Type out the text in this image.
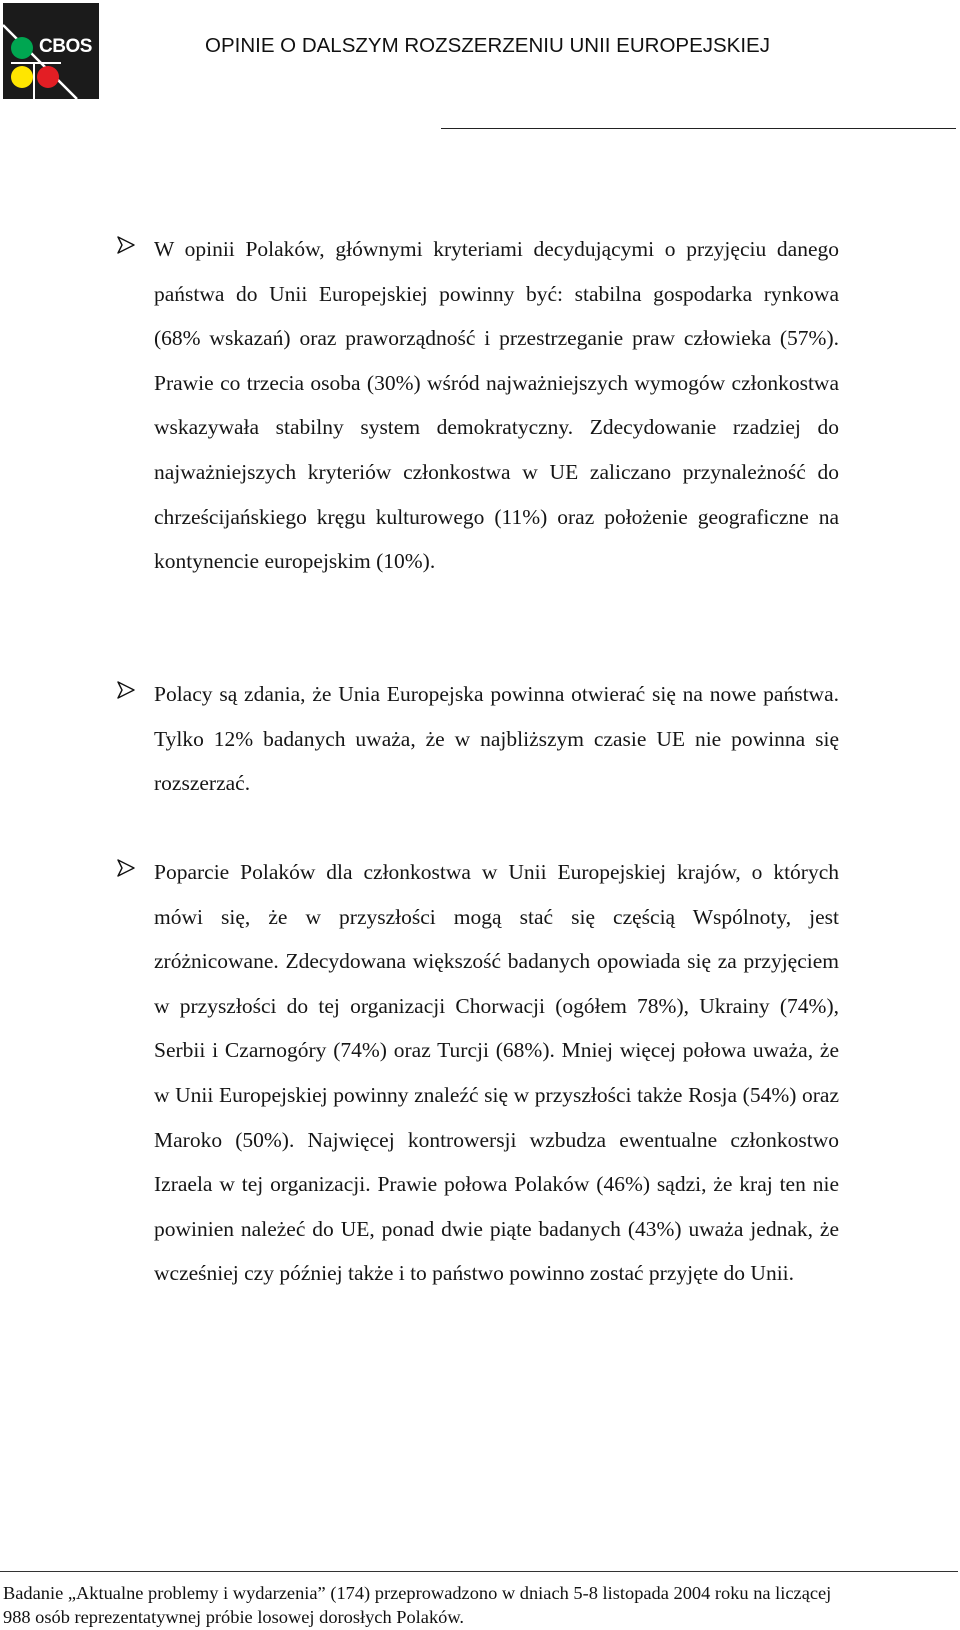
CBOS	OPINIE O DALSZYM ROZSZERZENIU UNII EUROPEJSKIEJ
W opinii Polaków, głównymi kryteriami decydującymi o przyjęciu danego państwa do Unii Europejskiej powinny być: stabilna gospodarka rynkowa (68% wskazań) oraz praworządność i przestrzeganie praw człowieka (57%). Prawie co trzecia osoba (30%) wśród najważniejszych wymogów członkostwa wskazywała stabilny system demokratyczny. Zdecydowanie rzadziej do najważniejszych kryteriów członkostwa w UE zaliczano przynależność do chrześcijańskiego kręgu kulturowego (11%) oraz położenie geograficzne na kontynencie europejskim (10%).
Polacy są zdania, że Unia Europejska powinna otwierać się na nowe państwa. Tylko 12% badanych uważa, że w najbliższym czasie UE nie powinna się rozszerzać.
Poparcie Polaków dla członkostwa w Unii Europejskiej krajów, o których mówi się, że w przyszłości mogą stać się częścią Wspólnoty, jest zróżnicowane. Zdecydowana większość badanych opowiada się za przyjęciem w przyszłości do tej organizacji Chorwacji (ogółem 78%), Ukrainy (74%), Serbii i Czarnogóry (74%) oraz Turcji (68%). Mniej więcej połowa uważa, że w Unii Europejskiej powinny znaleźć się w przyszłości także Rosja (54%) oraz Maroko (50%). Najwięcej kontrowersji wzbudza ewentualne członkostwo Izraela w tej organizacji. Prawie połowa Polaków (46%) sądzi, że kraj ten nie powinien należeć do UE, ponad dwie piąte badanych (43%) uważa jednak, że wcześniej czy później także i to państwo powinno zostać przyjęte do Unii.
Badanie „Aktualne problemy i wydarzenia” (174) przeprowadzono w dniach 5-8 listopada 2004 roku na liczącej
988 osób reprezentatywnej próbie losowej dorosłych Polaków.
